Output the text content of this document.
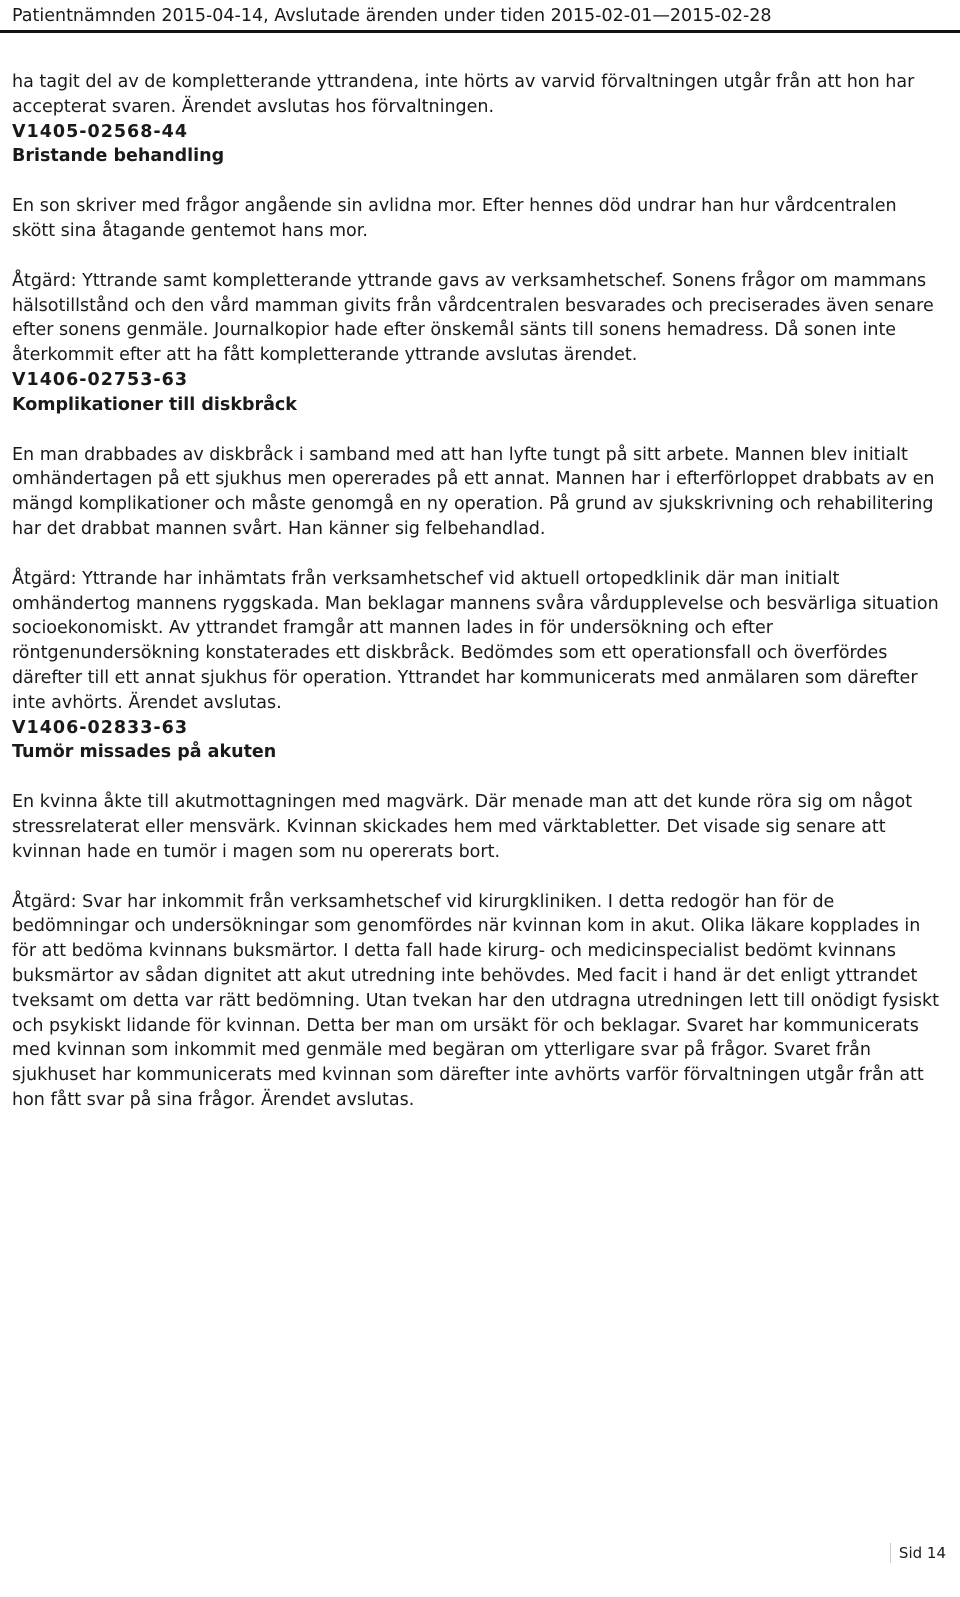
Patientnämnden 2015-04-14, Avslutade ärenden under tiden 2015-02-01—2015-02-28

ha tagit del av de kompletterande yttrandena, inte hörts av varvid förvaltningen utgår från att hon har accepterat svaren. Ärendet avslutas hos förvaltningen.

V1405-02568-44
Bristande behandling

En son skriver med frågor angående sin avlidna mor. Efter hennes död undrar han hur vårdcentralen skött sina åtagande gentemot hans mor.

Åtgärd: Yttrande samt kompletterande yttrande gavs av verksamhetschef. Sonens frågor om mammans hälsotillstånd och den vård mamman givits från vårdcentralen besvarades och preciserades även senare efter sonens genmäle. Journalkopior hade efter önskemål sänts till sonens hemadress. Då sonen inte återkommit efter att ha fått kompletterande yttrande avslutas ärendet.

V1406-02753-63
Komplikationer till diskbråck

En man drabbades av diskbråck i samband med att han lyfte tungt på sitt arbete. Mannen blev initialt omhändertagen på ett sjukhus men opererades på ett annat. Mannen har i efterförloppet drabbats av en mängd komplikationer och måste genomgå en ny operation. På grund av sjukskrivning och rehabilitering har det drabbat mannen svårt. Han känner sig felbehandlad.

Åtgärd: Yttrande har inhämtats från verksamhetschef vid aktuell ortopedklinik där man initialt omhändertog mannens ryggskada. Man beklagar mannens svåra vårdupplevelse och besvärliga situation socioekonomiskt. Av yttrandet framgår att mannen lades in för undersökning och efter röntgenundersökning konstaterades ett diskbråck. Bedömdes som ett operationsfall och överfördes därefter till ett annat sjukhus för operation. Yttrandet har kommunicerats med anmälaren som därefter inte avhörts. Ärendet avslutas.

V1406-02833-63
Tumör missades på akuten

En kvinna åkte till akutmottagningen med magvärk. Där menade man att det kunde röra sig om något stressrelaterat eller mensvärk. Kvinnan skickades hem med värktabletter. Det visade sig senare att kvinnan hade en tumör i magen som nu opererats bort.

Åtgärd: Svar har inkommit från verksamhetschef vid kirurgkliniken. I detta redogör han för de bedömningar och undersökningar som genomfördes när kvinnan kom in akut. Olika läkare kopplades in för att bedöma kvinnans buksmärtor. I detta fall hade kirurg- och medicinspecialist bedömt kvinnans buksmärtor av sådan dignitet att akut utredning inte behövdes. Med facit i hand är det enligt yttrandet tveksamt om detta var rätt bedömning. Utan tvekan har den utdragna utredningen lett till onödigt fysiskt och psykiskt lidande för kvinnan. Detta ber man om ursäkt för och beklagar. Svaret har kommunicerats med kvinnan som inkommit med genmäle med begäran om ytterligare svar på frågor. Svaret från sjukhuset har kommunicerats med kvinnan som därefter inte avhörts varför förvaltningen utgår från att hon fått svar på sina frågor. Ärendet avslutas.

Sid 14
